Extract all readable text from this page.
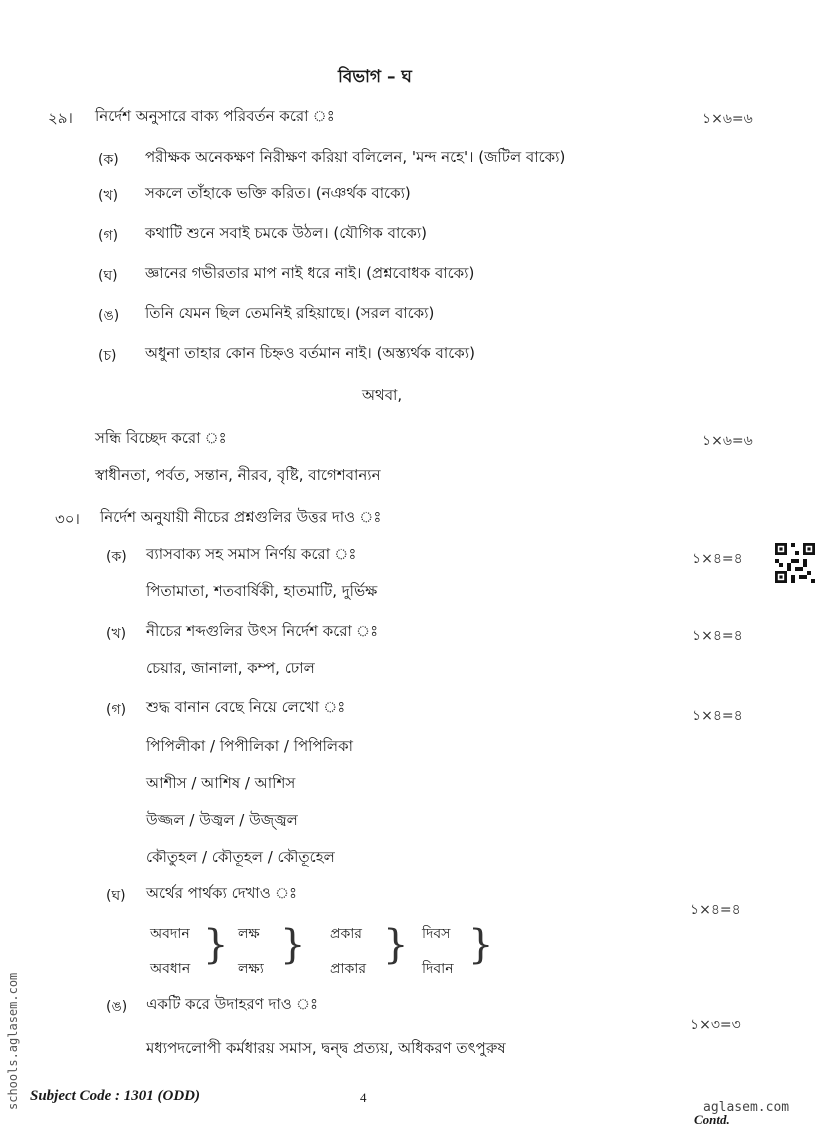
বিভাগ – ঘ
২৯। নির্দেশ অনুসারে বাক্য পরিবর্তন করো ঃ	১×৬=৬
(ক) পরীক্ষক অনেকক্ষণ নিরীক্ষণ করিয়া বলিলেন, 'মন্দ নহে'। (জটিল বাক্যে)
(খ) সকলে তাঁহাকে ভক্তি করিত। (নঞর্থক বাক্যে)
(গ) কথাটি শুনে সবাই চমকে উঠল। (যৌগিক বাক্যে)
(ঘ) জ্ঞানের গভীরতার মাপ নাই ধরে নাই। (প্রশ্নবোধক বাক্যে)
(ঙ) তিনি যেমন ছিল তেমনিই রহিয়াছে। (সরল বাক্যে)
(চ) অধুনা তাহার কোন চিহ্নও বর্তমান নাই। (অস্ত্যর্থক বাক্যে)
অথবা,
সন্ধি বিচ্ছেদ করো ঃ	১×৬=৬
স্বাধীনতা, পর্বত, সন্তান, নীরব, বৃষ্টি, বাগেশবান্যন
৩০। নির্দেশ অনুযায়ী নীচের প্রশ্নগুলির উত্তর দাও ঃ
(ক) ব্যাসবাক্য সহ সমাস নির্ণয় করো ঃ	১×৪=৪
পিতামাতা, শতবার্ষিকী, হাতমাটি, দুর্ভিক্ষ
(খ) নীচের শব্দগুলির উৎস নির্দেশ করো ঃ	১×৪=৪
চেয়ার, জানালা, কম্প, ঢোল
(গ) শুদ্ধ বানান বেছে নিয়ে লেখো ঃ	১×৪=৪
পিপিলীকা / পিপীলিকা / পিপিলিকা
আশীস / আশিষ / আশিস
উজ্জল / উজ্বল / উজ্জ্বল
কৌতুহল / কৌতূহল / কৌতূহেল
(ঘ) অর্থের পার্থক্য দেখাও ঃ
১×৪=৪
অবদান
অবধান
} লক্ষ
লক্ষ্য
} প্রকার
প্রাকার
} দিবস
দিবান
}
(ঙ) একটি করে উদাহরণ দাও ঃ
১×৩=৩
মধ্যপদলোপী কর্মধারয় সমাস, দ্বন্দ্ব প্রত্যয়, অধিকরণ তৎপুরুষ
Subject Code : 1301 (ODD)	4
aglasem.com
Contd.
schools.aglasem.com
